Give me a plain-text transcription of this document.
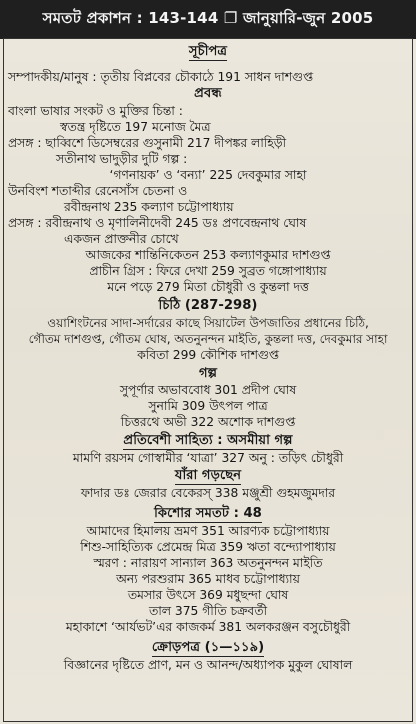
সমতট প্রকাশন : 143-144 ❐ জানুয়ারি-জুন 2005
সূচীপত্র
সম্পাদকীয়/মানুষ : তৃতীয় বিপ্লবের চৌকাঠে 191 সাধন দাশগুপ্ত
প্রবন্ধ
বাংলা ভাষার সংকট ও মুক্তির চিন্তা :
স্বতন্ত্র দৃষ্টিতে 197 মনোজ মৈত্র
প্রসঙ্গ : ছাব্বিশে ডিসেম্বরের গুসুনামী 217 দীপঙ্কর লাহিড়ী
সতীনাথ ভাদুড়ীর দুটি গল্প :
‘গণনায়ক’ ও ‘বন্যা’ 225 দেবকুমার সাহা
উনবিংশ শতাব্দীর রেনেসাঁস চেতনা ও
রবীন্দ্রনাথ 235 কল্যাণ চট্টোপাধ্যায়
প্রসঙ্গ : রবীন্দ্রনাথ ও মৃণালিনীদেবী 245 ডঃ প্রণবেন্দ্রনাথ ঘোষ
একজন প্রাক্তনীর চোখে
আজকের শান্তিনিকেতন 253 কল্যাণকুমার দাশগুপ্ত
প্রাচীন গ্রিস : ফিরে দেখা 259 সুব্রত গঙ্গোপাধ্যায়
মনে পড়ে 279 মিতা চৌধুরী ও কুন্তলা দত্ত
চিঠি (287-298)
ওয়াশিংটনের সাদা-সর্দারের কাছে সিয়াটেল উপজাতির প্রধানের চিঠি,
গৌতম দাশগুপ্ত, গৌতম ঘোষ, অতনুনন্দন মাইতি, কুন্তলা দত্ত, দেবকুমার সাহা
কবিতা 299 কৌশিক দাশগুপ্ত
গল্প
সুপূর্ণার অভাববোধ 301 প্রদীপ ঘোষ
সুনামি 309 উৎপল পাত্র
চিত্তরথে অভী 322 অশোক দাশগুপ্ত
প্রতিবেশী সাহিত্য : অসমীয়া গল্প
মামণি রয়সম গোস্বামীর ‘যাত্রা’ 327 অনু : তড়িৎ চৌধুরী
যাঁরা গড়ছেন
ফাদার ডঃ জেরার বেকেরস্ 338 মঞ্জুশ্রী গুহমজুমদার
কিশোর সমতট : 48
আমাদের হিমালয় ভ্রমণ 351 আরণ্যক চট্টোপাধ্যায়
শিশু-সাহিত্যিক প্রেমেন্দ্র মিত্র 359 ঋতা বন্দ্যোপাধ্যায়
স্মরণ : নারায়ণ সান্যাল 363 অতনুনন্দন মাইতি
অন্য পরশুরাম 365 মাধব চট্টোপাধ্যায়
তমসার উৎসে 369 মধুছন্দা ঘোষ
তাল 375 গীতি চক্রবর্তী
মহাকাশে ‘আর্যভট’এর কাজকর্ম 381 অলকরঞ্জন বসুচৌধুরী
ক্রোড়পত্র (১—১১৯)
বিজ্ঞানের দৃষ্টিতে প্রাণ, মন ও আনন্দ/অধ্যাপক মুকুল ঘোষাল
